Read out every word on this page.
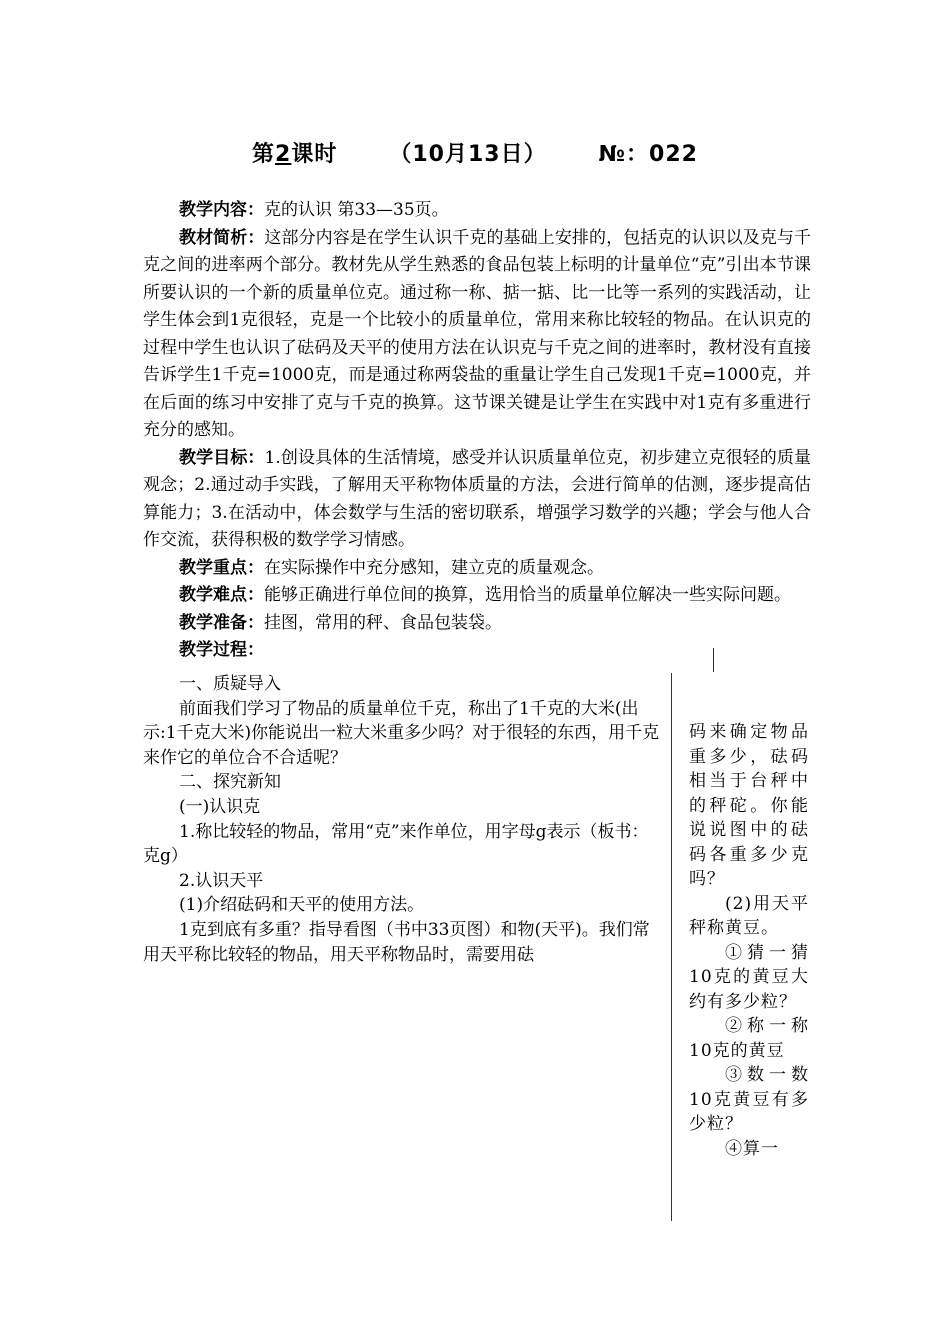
第2课时 （10月13日） №：022

教学内容：克的认识 第33—35页。

教材简析：这部分内容是在学生认识千克的基础上安排的，包括克的认识以及克与千克之间的进率两个部分。教材先从学生熟悉的食品包装上标明的计量单位“克”引出本节课所要认识的一个新的质量单位克。通过称一称、掂一掂、比一比等一系列的实践活动，让学生体会到1克很轻，克是一个比较小的质量单位，常用来称比较轻的物品。在认识克的过程中学生也认识了砝码及天平的使用方法在认识克与千克之间的进率时，教材没有直接告诉学生1千克=1000克，而是通过称两袋盐的重量让学生自己发现1千克=1000克，并在后面的练习中安排了克与千克的换算。这节课关键是让学生在实践中对1克有多重进行充分的感知。

教学目标：1.创设具体的生活情境，感受并认识质量单位克，初步建立克很轻的质量观念；2.通过动手实践，了解用天平称物体质量的方法，会进行简单的估测，逐步提高估算能力；3.在活动中，体会数学与生活的密切联系，增强学习数学的兴趣；学会与他人合作交流，获得积极的数学学习情感。

教学重点：在实际操作中充分感知，建立克的质量观念。

教学难点：能够正确进行单位间的换算，选用恰当的质量单位解决一些实际问题。

教学准备：挂图，常用的秤、食品包装袋。

教学过程：

一、质疑导入

前面我们学习了物品的质量单位千克，称出了1千克的大米(出示:1千克大米)你能说出一粒大米重多少吗？对于很轻的东西，用千克来作它的单位合不合适呢？

二、探究新知

(一)认识克

1.称比较轻的物品，常用“克”来作单位，用字母g表示（板书：克g）

2.认识天平

(1)介绍砝码和天平的使用方法。

1克到底有多重？指导看图（书中33页图）和物(天平)。我们常用天平称比较轻的物品，用天平称物品时，需要用砝

码来确定物品重多少，砝码相当于台秤中的秤砣。你能说说图中的砝码各重多少克吗？

(2)用天平秤称黄豆。

①猜一猜10克的黄豆大约有多少粒？

②称一称10克的黄豆

③数一数10克黄豆有多少粒？

④算一
